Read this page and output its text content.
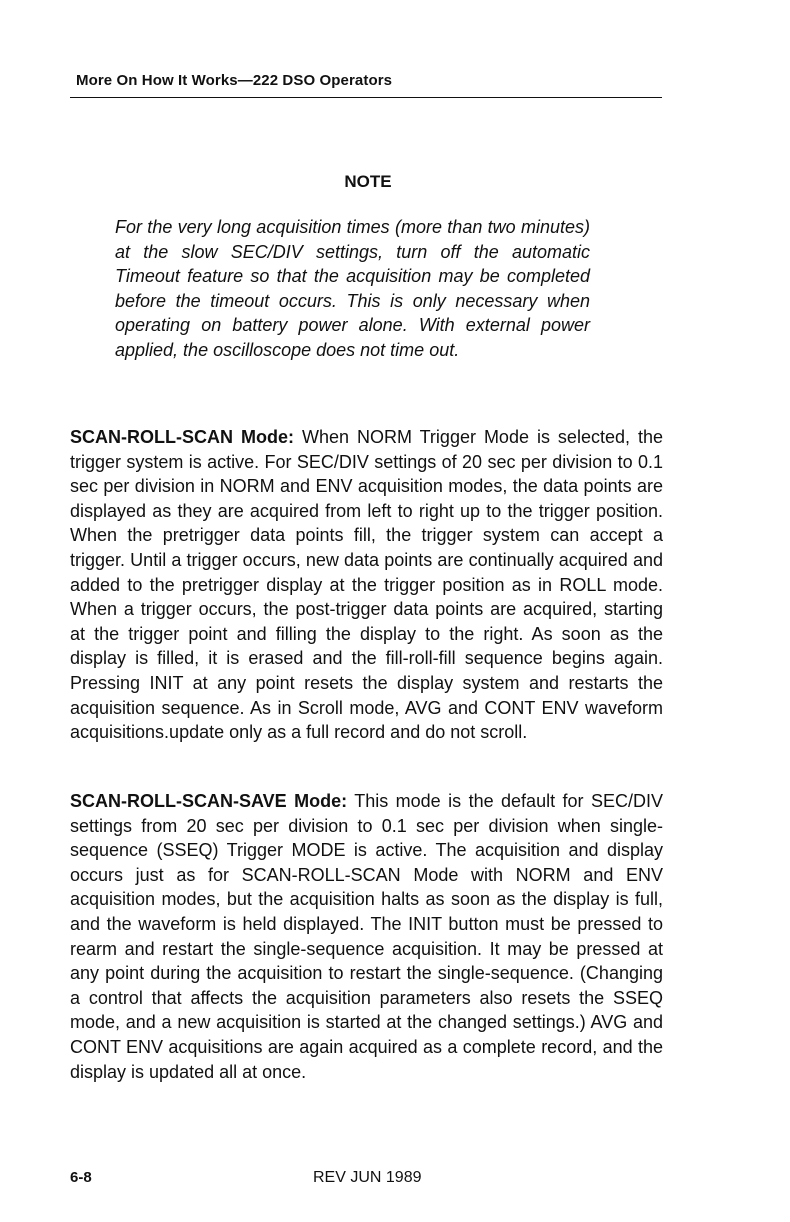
More On How It Works—222 DSO Operators
NOTE

For the very long acquisition times (more than two minutes) at the slow SEC/DIV settings, turn off the automatic Timeout feature so that the acquisition may be completed before the timeout occurs. This is only necessary when operating on battery power alone. With external power applied, the oscilloscope does not time out.

SCAN-ROLL-SCAN Mode: When NORM Trigger Mode is selected, the trigger system is active. For SEC/DIV settings of 20 sec per division to 0.1 sec per division in NORM and ENV acquisition modes, the data points are displayed as they are acquired from left to right up to the trigger position. When the pretrigger data points fill, the trigger system can accept a trigger. Until a trigger occurs, new data points are continually acquired and added to the pretrigger display at the trigger position as in ROLL mode. When a trigger occurs, the post-trigger data points are acquired, starting at the trigger point and filling the display to the right. As soon as the display is filled, it is erased and the fill-roll-fill sequence begins again. Pressing INIT at any point resets the display system and restarts the acquisition sequence. As in Scroll mode, AVG and CONT ENV waveform acquisitions.update only as a full record and do not scroll.

SCAN-ROLL-SCAN-SAVE Mode: This mode is the default for SEC/DIV settings from 20 sec per division to 0.1 sec per division when single-sequence (SSEQ) Trigger MODE is active. The acquisition and display occurs just as for SCAN-ROLL-SCAN Mode with NORM and ENV acquisition modes, but the acquisition halts as soon as the display is full, and the waveform is held displayed. The INIT button must be pressed to rearm and restart the single-sequence acquisition. It may be pressed at any point during the acquisition to restart the single-sequence. (Changing a control that affects the acquisition parameters also resets the SSEQ mode, and a new acquisition is started at the changed settings.) AVG and CONT ENV acquisitions are again acquired as a complete record, and the display is updated all at once.

6-8	REV JUN 1989
